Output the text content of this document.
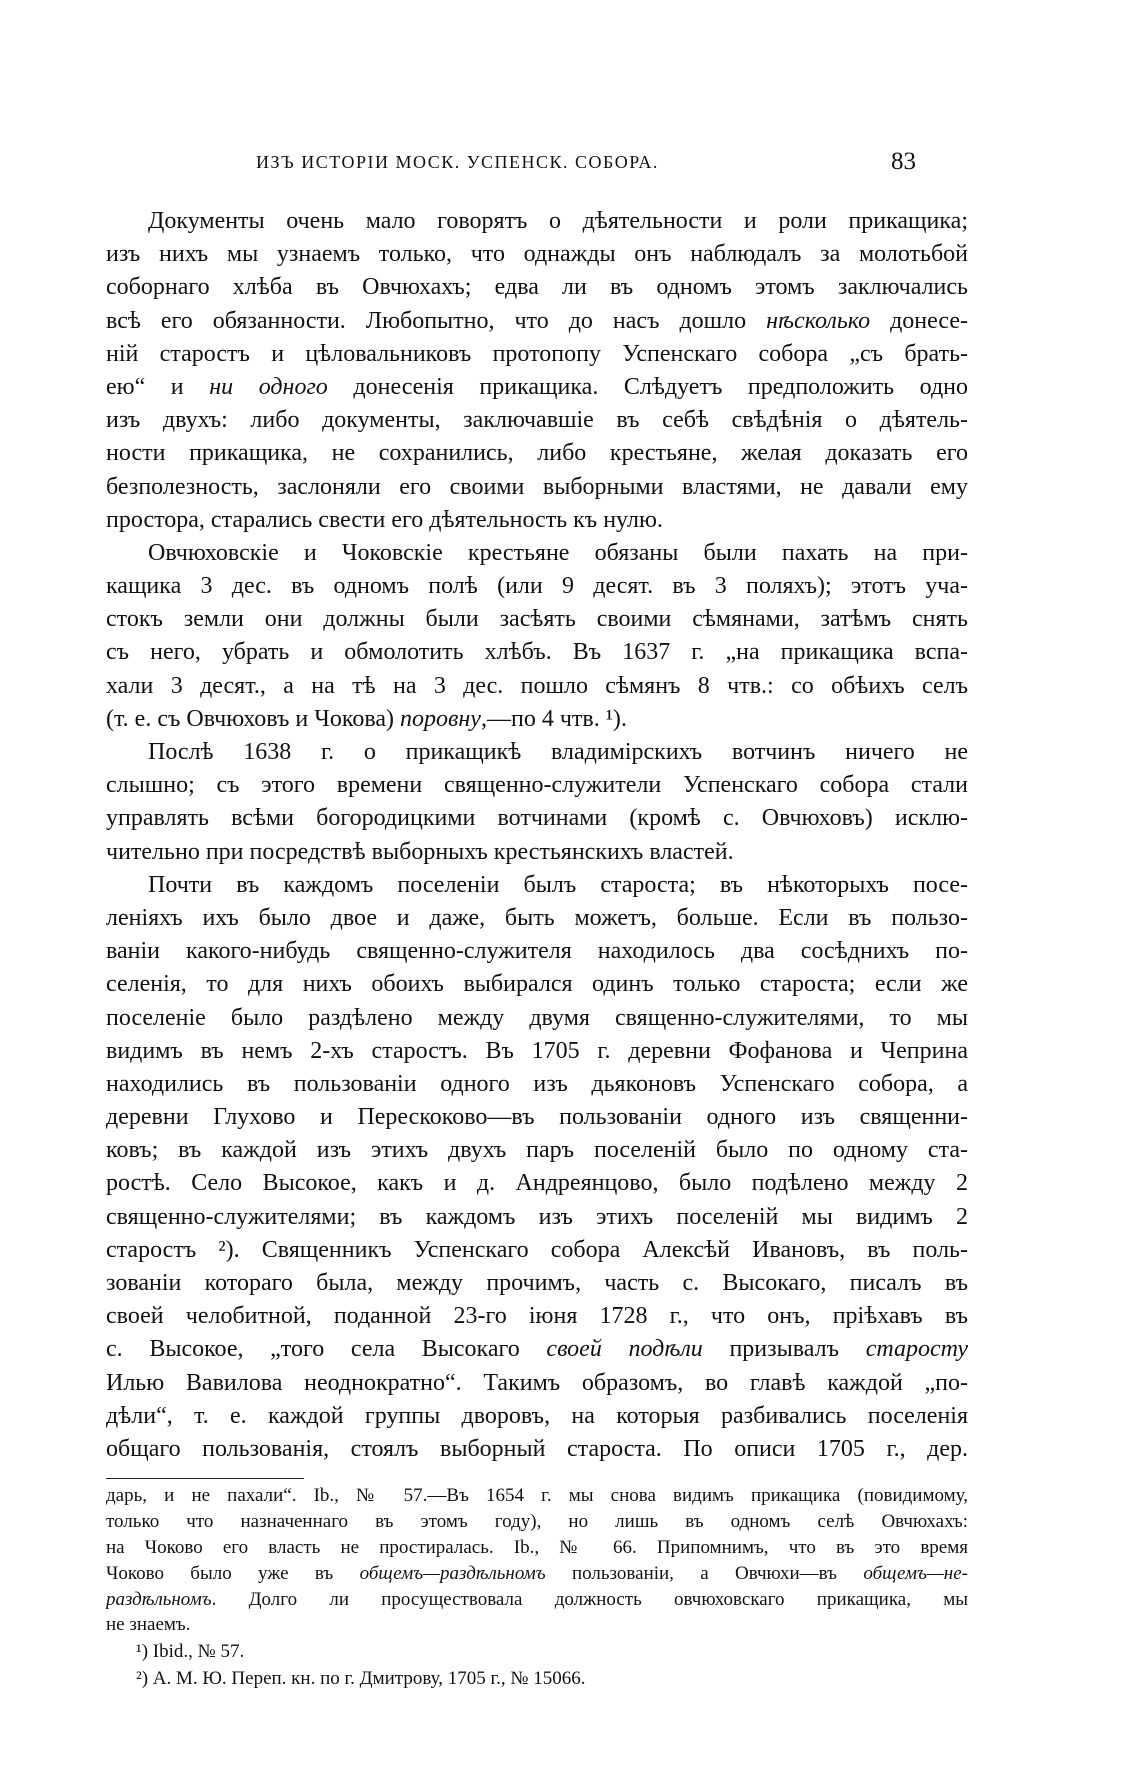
ИЗЪ ИСТОРІИ МОСК. УСПЕНСК. СОБОРА.	83
Документы очень мало говорятъ о дѣятельности и роли прикащика;
изъ нихъ мы узнаемъ только, что однажды онъ наблюдалъ за молотьбой
соборнаго хлѣба въ Овчюхахъ; едва ли въ одномъ этомъ заключались
всѣ его обязанности. Любопытно, что до насъ дошло нѣсколько донесе-
ній старостъ и цѣловальниковъ протопопу Успенскаго собора „съ брать-
ею“ и ни одного донесенія прикащика. Слѣдуетъ предположить одно
изъ двухъ: либо документы, заключавшіе въ себѣ свѣдѣнія о дѣятель-
ности прикащика, не сохранились, либо крестьяне, желая доказать его
безполезность, заслоняли его своими выборными властями, не давали ему
простора, старались свести его дѣятельность къ нулю.
Овчюховскіе и Чоковскіе крестьяне обязаны были пахать на при-
кащика 3 дес. въ одномъ полѣ (или 9 десят. въ 3 поляхъ); этотъ уча-
стокъ земли они должны были засѣять своими сѣмянами, затѣмъ снять
съ него, убрать и обмолотить хлѣбъ. Въ 1637 г. „на прикащика вспа-
хали 3 десят., а на тѣ на 3 дес. пошло сѣмянъ 8 чтв.: со обѣихъ селъ
(т. е. съ Овчюховъ и Чокова) поровну,—по 4 чтв. ¹).
Послѣ 1638 г. о прикащикѣ владимірскихъ вотчинъ ничего не
слышно; съ этого времени священно-служители Успенскаго собора стали
управлять всѣми богородицкими вотчинами (кромѣ с. Овчюховъ) исклю-
чительно при посредствѣ выборныхъ крестьянскихъ властей.
Почти въ каждомъ поселеніи былъ староста; въ нѣкоторыхъ посе-
леніяхъ ихъ было двое и даже, быть можетъ, больше. Если въ пользо-
ваніи какого-нибудь священно-служителя находилось два сосѣднихъ по-
селенія, то для нихъ обоихъ выбирался одинъ только староста; если же
поселеніе было раздѣлено между двумя священно-служителями, то мы
видимъ въ немъ 2-хъ старостъ. Въ 1705 г. деревни Фофанова и Чеприна
находились въ пользованіи одного изъ дьяконовъ Успенскаго собора, а
деревни Глухово и Перескоково—въ пользованіи одного изъ священни-
ковъ; въ каждой изъ этихъ двухъ паръ поселеній было по одному ста-
ростѣ. Село Высокое, какъ и д. Андреянцово, было подѣлено между 2
священно-служителями; въ каждомъ изъ этихъ поселеній мы видимъ 2
старостъ ²). Священникъ Успенскаго собора Алексѣй Ивановъ, въ поль-
зованіи котораго была, между прочимъ, часть с. Высокаго, писалъ въ
своей челобитной, поданной 23-го іюня 1728 г., что онъ, пріѣхавъ въ
с. Высокое, „того села Высокаго своей подѣли призывалъ старосту
Илью Вавилова неоднократно“. Такимъ образомъ, во главѣ каждой „по-
дѣли“, т. е. каждой группы дворовъ, на которыя разбивались поселенія
общаго пользованія, стоялъ выборный староста. По описи 1705 г., дер.
дарь, и не пахали“. Ib., № 57.—Въ 1654 г. мы снова видимъ прикащика (повидимому,
только что назначеннаго въ этомъ году), но лишь въ одномъ селѣ Овчюхахъ:
на Чоково его власть не простиралась. Ib., № 66. Припомнимъ, что въ это время
Чоково было уже въ общемъ—раздѣльномъ пользованіи, а Овчюхи—въ общемъ—не-
раздѣльномъ. Долго ли просуществовала должность овчюховскаго прикащика, мы
не знаемъ.
¹) Ibid., № 57.
²) А. М. Ю. Переп. кн. по г. Дмитрову, 1705 г., № 15066.
